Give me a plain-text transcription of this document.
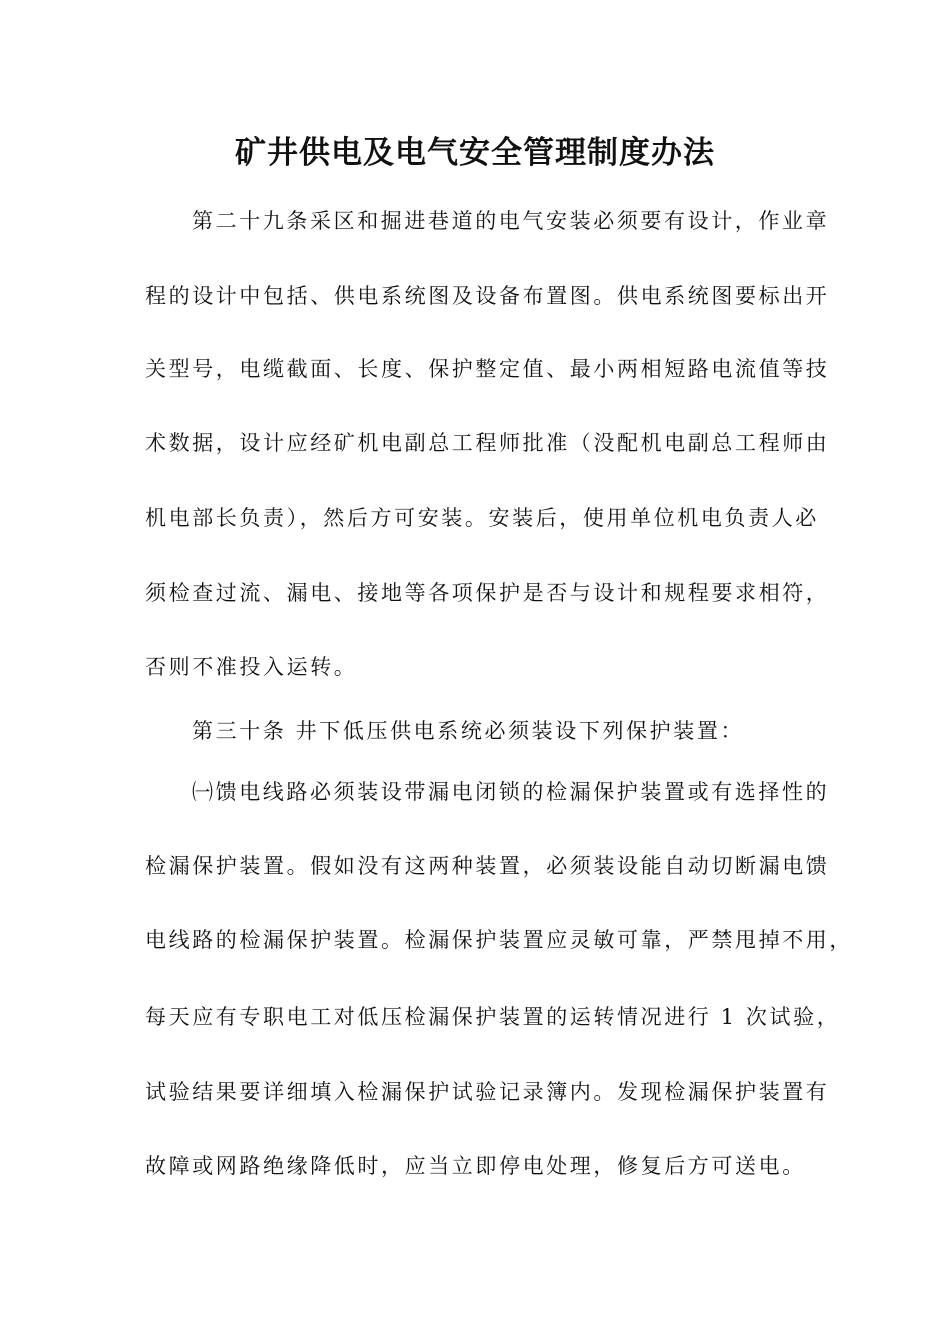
矿井供电及电气安全管理制度办法
第二十九条采区和掘进巷道的电气安装必须要有设计，作业章
程的设计中包括、供电系统图及设备布置图。供电系统图要标出开
关型号，电缆截面、长度、保护整定值、最小两相短路电流值等技
术数据，设计应经矿机电副总工程师批准（没配机电副总工程师由
机电部长负责），然后方可安装。安装后，使用单位机电负责人必
须检查过流、漏电、接地等各项保护是否与设计和规程要求相符，
否则不准投入运转。
第三十条 井下低压供电系统必须装设下列保护装置：
㈠馈电线路必须装设带漏电闭锁的检漏保护装置或有选择性的
检漏保护装置。假如没有这两种装置，必须装设能自动切断漏电馈
电线路的检漏保护装置。检漏保护装置应灵敏可靠，严禁甩掉不用，
每天应有专职电工对低压检漏保护装置的运转情况进行 1 次试验，
试验结果要详细填入检漏保护试验记录簿内。发现检漏保护装置有
故障或网路绝缘降低时，应当立即停电处理，修复后方可送电。
